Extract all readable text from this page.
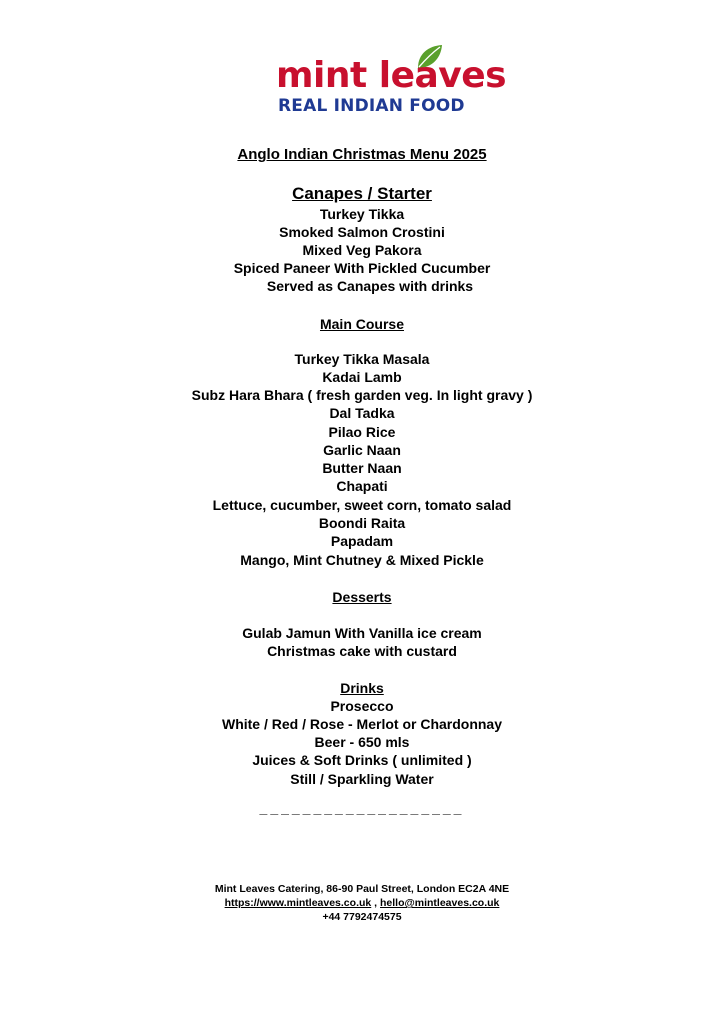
mint leaves
REAL INDIAN FOOD
Anglo Indian Christmas Menu 2025
Canapes / Starter
Turkey Tikka
Smoked Salmon Crostini
Mixed Veg Pakora
Spiced Paneer With Pickled Cucumber
Served as Canapes with drinks
Main Course
Turkey Tikka Masala
Kadai Lamb
Subz Hara Bhara ( fresh garden veg. In light gravy )
Dal Tadka
Pilao Rice
Garlic Naan
Butter Naan
Chapati
Lettuce, cucumber, sweet corn, tomato salad
Boondi Raita
Papadam
Mango, Mint Chutney & Mixed Pickle
Desserts
Gulab Jamun With Vanilla ice cream
Christmas cake with custard
Drinks
Prosecco
White / Red / Rose - Merlot or Chardonnay
Beer - 650 mls
Juices & Soft Drinks ( unlimited )
Still / Sparkling Water
___________________
Mint Leaves Catering, 86-90 Paul Street, London EC2A 4NE
https://www.mintleaves.co.uk , hello@mintleaves.co.uk
+44 7792474575
